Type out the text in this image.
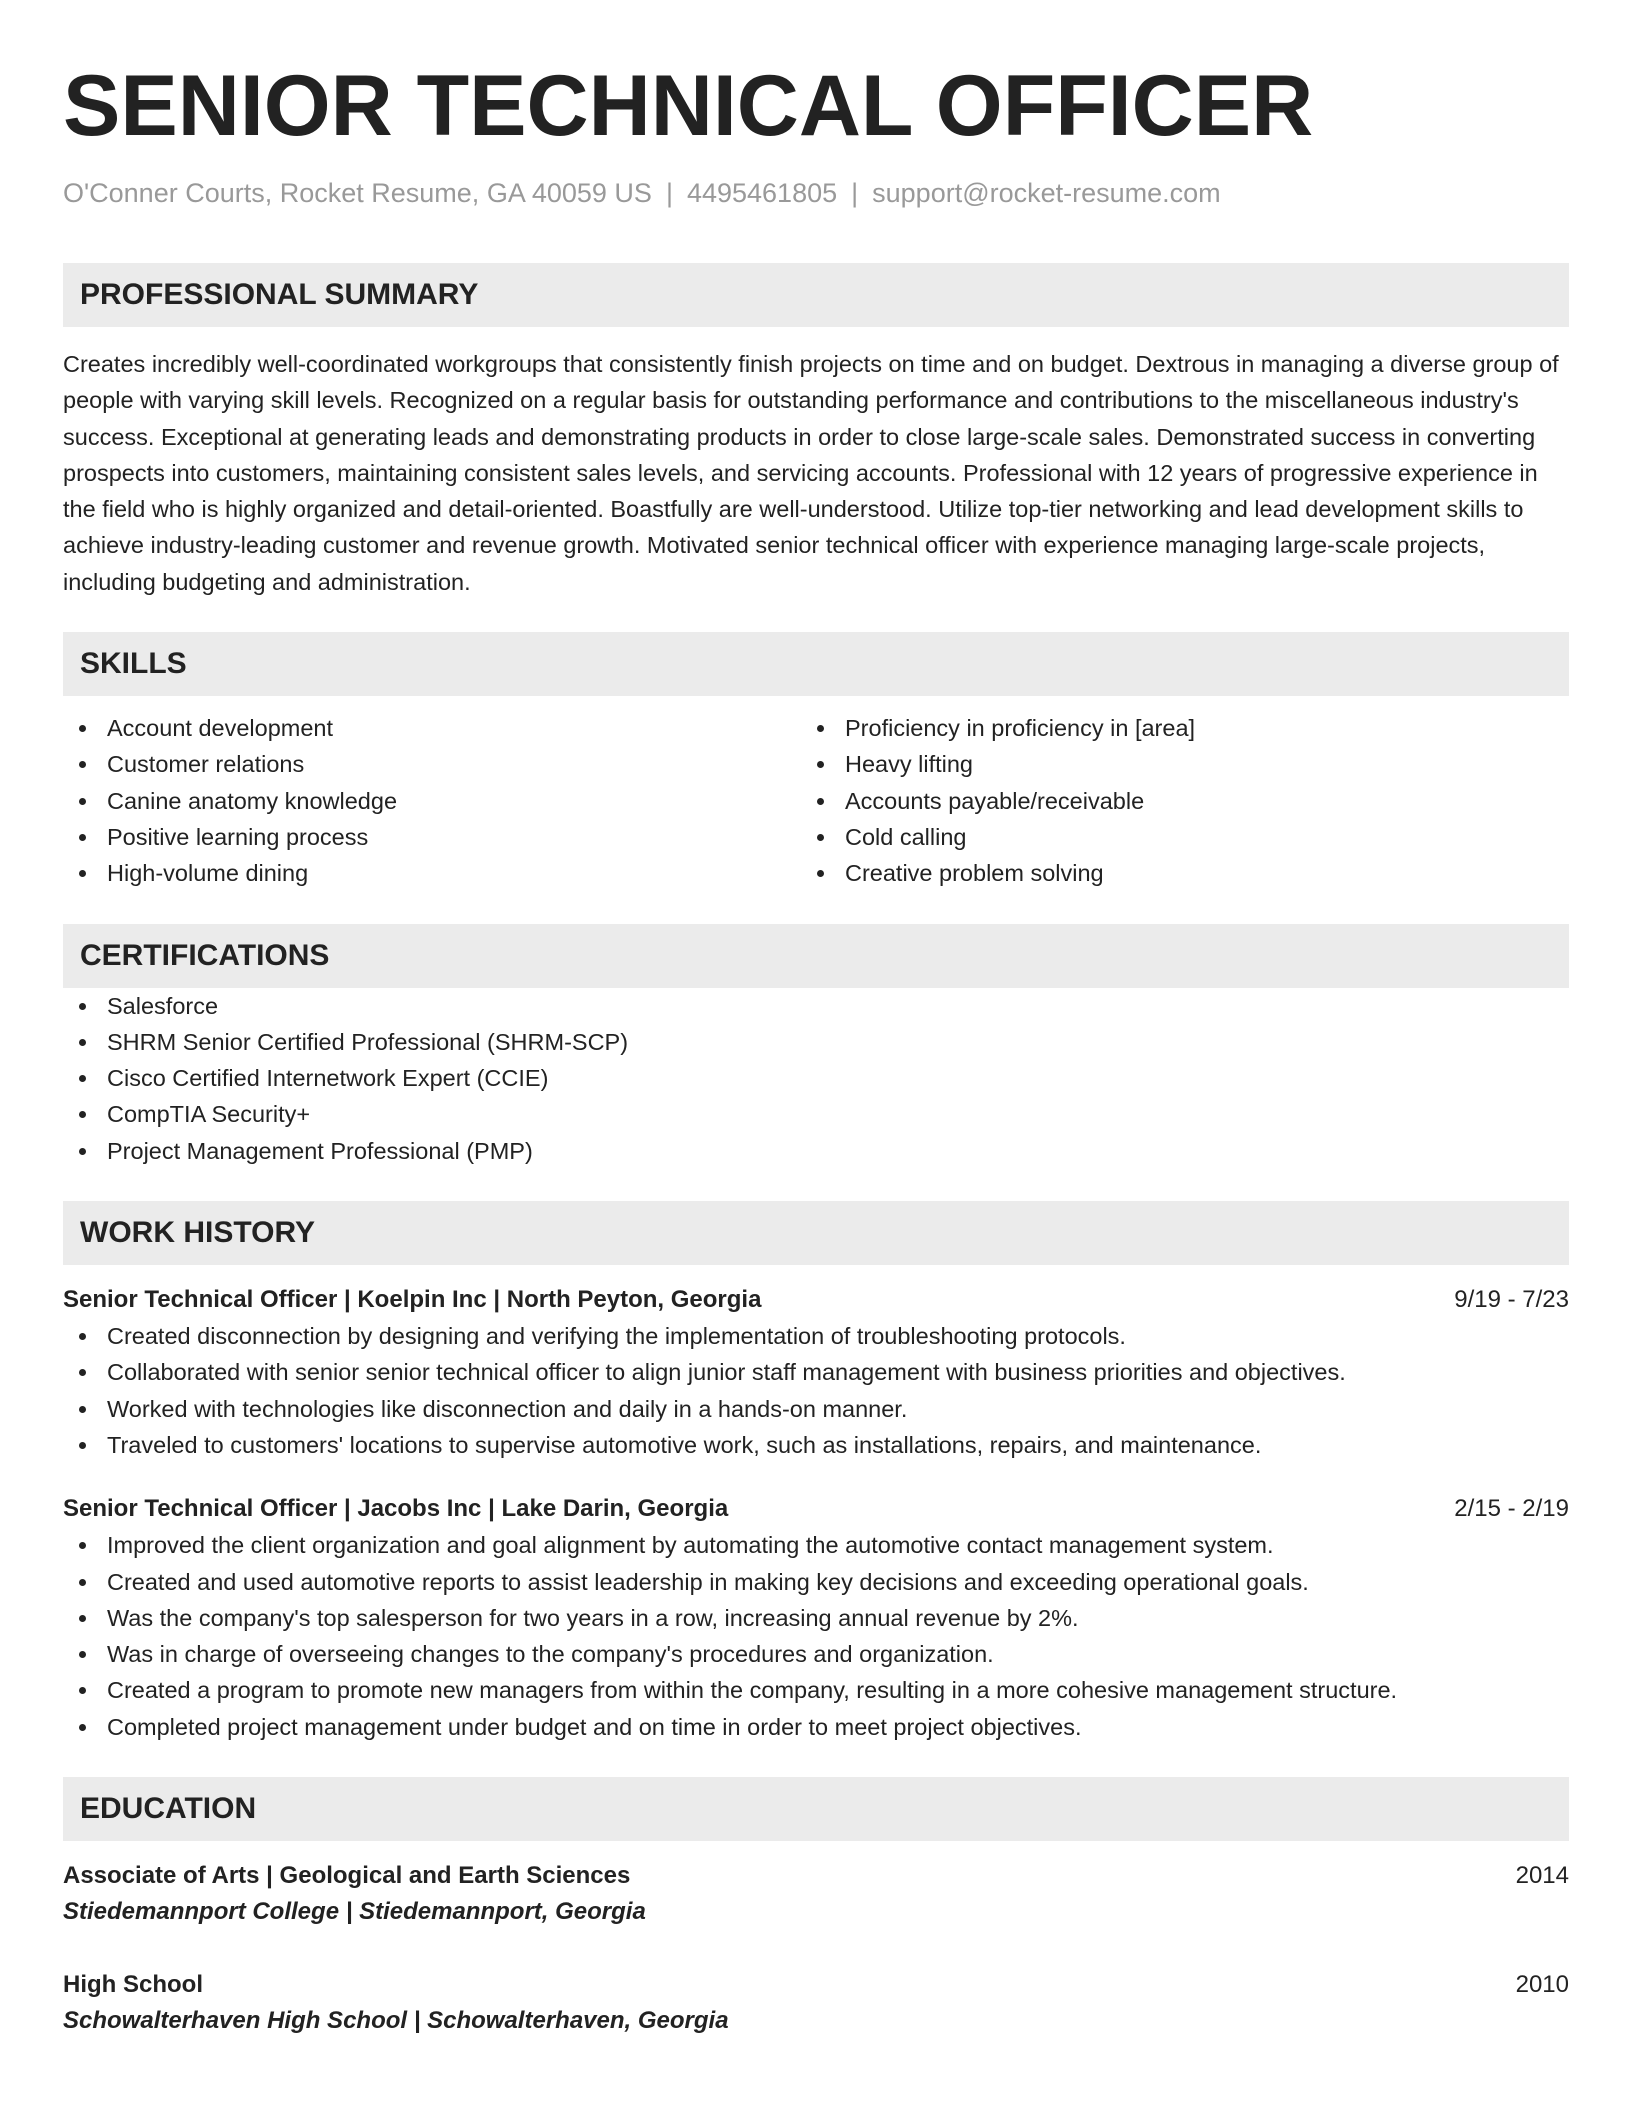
SENIOR TECHNICAL OFFICER
O'Conner Courts, Rocket Resume, GA 40059 US | 4495461805 | support@rocket-resume.com
PROFESSIONAL SUMMARY

Creates incredibly well-coordinated workgroups that consistently finish projects on time and on budget. Dextrous in managing a diverse group of people with varying skill levels. Recognized on a regular basis for outstanding performance and contributions to the miscellaneous industry's success. Exceptional at generating leads and demonstrating products in order to close large-scale sales. Demonstrated success in converting prospects into customers, maintaining consistent sales levels, and servicing accounts. Professional with 12 years of progressive experience in the field who is highly organized and detail-oriented. Boastfully are well-understood. Utilize top-tier networking and lead development skills to achieve industry-leading customer and revenue growth. Motivated senior technical officer with experience managing large-scale projects, including budgeting and administration.

SKILLS
Account development
Customer relations
Canine anatomy knowledge
Positive learning process
High-volume dining
Proficiency in proficiency in [area]
Heavy lifting
Accounts payable/receivable
Cold calling
Creative problem solving
CERTIFICATIONS
Salesforce
SHRM Senior Certified Professional (SHRM-SCP)
Cisco Certified Internetwork Expert (CCIE)
CompTIA Security+
Project Management Professional (PMP)
WORK HISTORY
Senior Technical Officer | Koelpin Inc | North Peyton, Georgia	9/19 - 7/23
Created disconnection by designing and verifying the implementation of troubleshooting protocols.
Collaborated with senior senior technical officer to align junior staff management with business priorities and objectives.
Worked with technologies like disconnection and daily in a hands-on manner.
Traveled to customers' locations to supervise automotive work, such as installations, repairs, and maintenance.
Senior Technical Officer | Jacobs Inc | Lake Darin, Georgia	2/15 - 2/19
Improved the client organization and goal alignment by automating the automotive contact management system.
Created and used automotive reports to assist leadership in making key decisions and exceeding operational goals.
Was the company's top salesperson for two years in a row, increasing annual revenue by 2%.
Was in charge of overseeing changes to the company's procedures and organization.
Created a program to promote new managers from within the company, resulting in a more cohesive management structure.
Completed project management under budget and on time in order to meet project objectives.
EDUCATION
Associate of Arts | Geological and Earth Sciences	2014
Stiedemannport College | Stiedemannport, Georgia
High School	2010
Schowalterhaven High School | Schowalterhaven, Georgia
